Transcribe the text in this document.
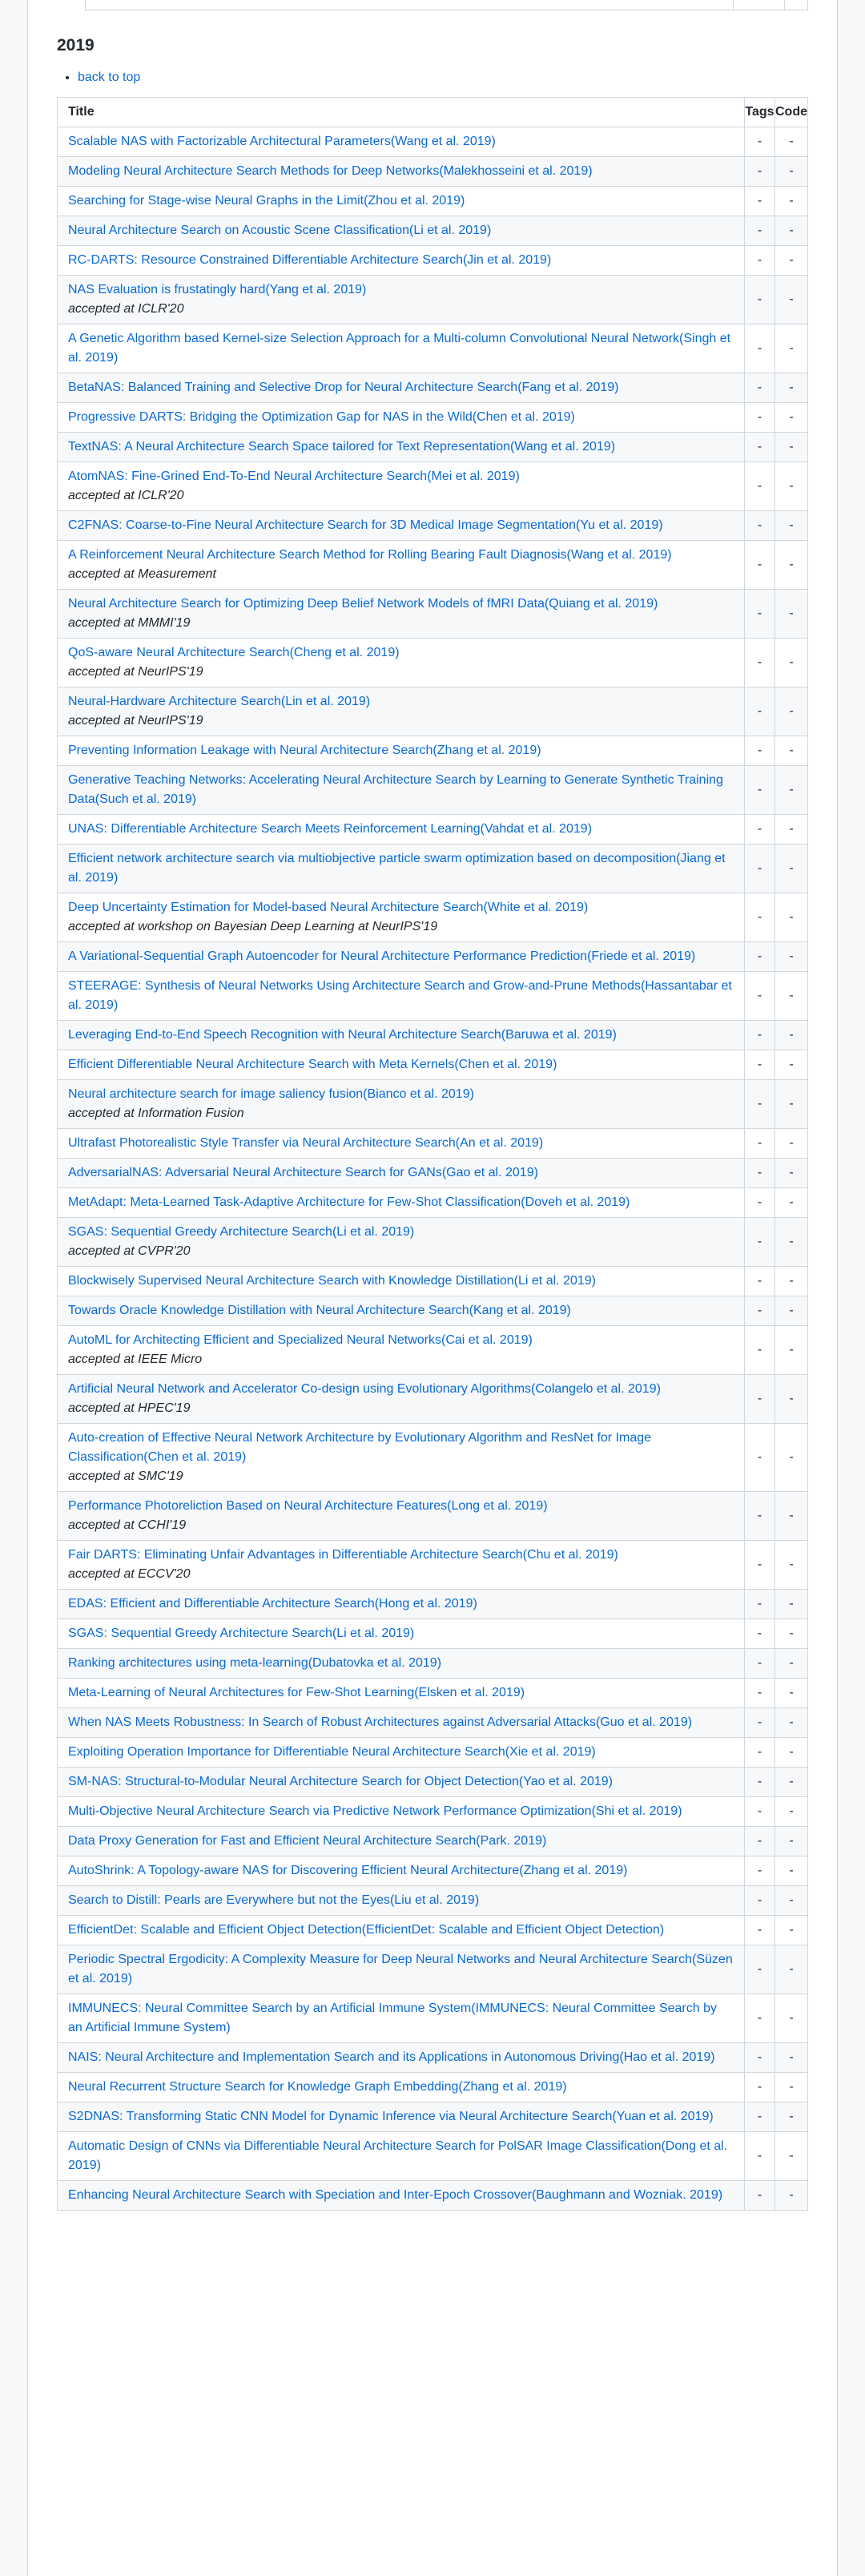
2019
• back to top
Title	Tags	Code
Scalable NAS with Factorizable Architectural Parameters(Wang et al. 2019)	-	-
Modeling Neural Architecture Search Methods for Deep Networks(Malekhosseini et al. 2019)	-	-
Searching for Stage-wise Neural Graphs in the Limit(Zhou et al. 2019)	-	-
Neural Architecture Search on Acoustic Scene Classification(Li et al. 2019)	-	-
RC-DARTS: Resource Constrained Differentiable Architecture Search(Jin et al. 2019)	-	-
NAS Evaluation is frustatingly hard(Yang et al. 2019)
accepted at ICLR'20	-	-
A Genetic Algorithm based Kernel-size Selection Approach for a Multi-column Convolutional Neural Network(Singh et al. 2019)	-	-
BetaNAS: Balanced Training and Selective Drop for Neural Architecture Search(Fang et al. 2019)	-	-
Progressive DARTS: Bridging the Optimization Gap for NAS in the Wild(Chen et al. 2019)	-	-
TextNAS: A Neural Architecture Search Space tailored for Text Representation(Wang et al. 2019)	-	-
AtomNAS: Fine-Grined End-To-End Neural Architecture Search(Mei et al. 2019)
accepted at ICLR'20	-	-
C2FNAS: Coarse-to-Fine Neural Architecture Search for 3D Medical Image Segmentation(Yu et al. 2019)	-	-
A Reinforcement Neural Architecture Search Method for Rolling Bearing Fault Diagnosis(Wang et al. 2019)
accepted at Measurement	-	-
Neural Architecture Search for Optimizing Deep Belief Network Models of fMRI Data(Quiang et al. 2019)
accepted at MMMI'19	-	-
QoS-aware Neural Architecture Search(Cheng et al. 2019)
accepted at NeurIPS'19	-	-
Neural-Hardware Architecture Search(Lin et al. 2019)
accepted at NeurIPS'19	-	-
Preventing Information Leakage with Neural Architecture Search(Zhang et al. 2019)	-	-
Generative Teaching Networks: Accelerating Neural Architecture Search by Learning to Generate Synthetic Training Data(Such et al. 2019)	-	-
UNAS: Differentiable Architecture Search Meets Reinforcement Learning(Vahdat et al. 2019)	-	-
Efficient network architecture search via multiobjective particle swarm optimization based on decomposition(Jiang et al. 2019)	-	-
Deep Uncertainty Estimation for Model-based Neural Architecture Search(White et al. 2019)
accepted at workshop on Bayesian Deep Learning at NeurIPS'19	-	-
A Variational-Sequential Graph Autoencoder for Neural Architecture Performance Prediction(Friede et al. 2019)	-	-
STEERAGE: Synthesis of Neural Networks Using Architecture Search and Grow-and-Prune Methods(Hassantabar et al. 2019)	-	-
Leveraging End-to-End Speech Recognition with Neural Architecture Search(Baruwa et al. 2019)	-	-
Efficient Differentiable Neural Architecture Search with Meta Kernels(Chen et al. 2019)	-	-
Neural architecture search for image saliency fusion(Bianco et al. 2019)
accepted at Information Fusion	-	-
Ultrafast Photorealistic Style Transfer via Neural Architecture Search(An et al. 2019)	-	-
AdversarialNAS: Adversarial Neural Architecture Search for GANs(Gao et al. 2019)	-	-
MetAdapt: Meta-Learned Task-Adaptive Architecture for Few-Shot Classification(Doveh et al. 2019)	-	-
SGAS: Sequential Greedy Architecture Search(Li et al. 2019)
accepted at CVPR'20	-	-
Blockwisely Supervised Neural Architecture Search with Knowledge Distillation(Li et al. 2019)	-	-
Towards Oracle Knowledge Distillation with Neural Architecture Search(Kang et al. 2019)	-	-
AutoML for Architecting Efficient and Specialized Neural Networks(Cai et al. 2019)
accepted at IEEE Micro	-	-
Artificial Neural Network and Accelerator Co-design using Evolutionary Algorithms(Colangelo et al. 2019)
accepted at HPEC'19	-	-
Auto-creation of Effective Neural Network Architecture by Evolutionary Algorithm and ResNet for Image Classification(Chen et al. 2019)
accepted at SMC'19	-	-
Performance Photoreliction Based on Neural Architecture Features(Long et al. 2019)
accepted at CCHI'19	-	-
Fair DARTS: Eliminating Unfair Advantages in Differentiable Architecture Search(Chu et al. 2019)
accepted at ECCV'20	-	-
EDAS: Efficient and Differentiable Architecture Search(Hong et al. 2019)	-	-
SGAS: Sequential Greedy Architecture Search(Li et al. 2019)	-	-
Ranking architectures using meta-learning(Dubatovka et al. 2019)	-	-
Meta-Learning of Neural Architectures for Few-Shot Learning(Elsken et al. 2019)	-	-
When NAS Meets Robustness: In Search of Robust Architectures against Adversarial Attacks(Guo et al. 2019)	-	-
Exploiting Operation Importance for Differentiable Neural Architecture Search(Xie et al. 2019)	-	-
SM-NAS: Structural-to-Modular Neural Architecture Search for Object Detection(Yao et al. 2019)	-	-
Multi-Objective Neural Architecture Search via Predictive Network Performance Optimization(Shi et al. 2019)	-	-
Data Proxy Generation for Fast and Efficient Neural Architecture Search(Park. 2019)	-	-
AutoShrink: A Topology-aware NAS for Discovering Efficient Neural Architecture(Zhang et al. 2019)	-	-
Search to Distill: Pearls are Everywhere but not the Eyes(Liu et al. 2019)	-	-
EfficientDet: Scalable and Efficient Object Detection(EfficientDet: Scalable and Efficient Object Detection)	-	-
Periodic Spectral Ergodicity: A Complexity Measure for Deep Neural Networks and Neural Architecture Search(Süzen et al. 2019)	-	-
IMMUNECS: Neural Committee Search by an Artificial Immune System(IMMUNECS: Neural Committee Search by an Artificial Immune System)	-	-
NAIS: Neural Architecture and Implementation Search and its Applications in Autonomous Driving(Hao et al. 2019)	-	-
Neural Recurrent Structure Search for Knowledge Graph Embedding(Zhang et al. 2019)	-	-
S2DNAS: Transforming Static CNN Model for Dynamic Inference via Neural Architecture Search(Yuan et al. 2019)	-	-
Automatic Design of CNNs via Differentiable Neural Architecture Search for PolSAR Image Classification(Dong et al. 2019)	-	-
Enhancing Neural Architecture Search with Speciation and Inter-Epoch Crossover(Baughmann and Wozniak. 2019)	-	-
